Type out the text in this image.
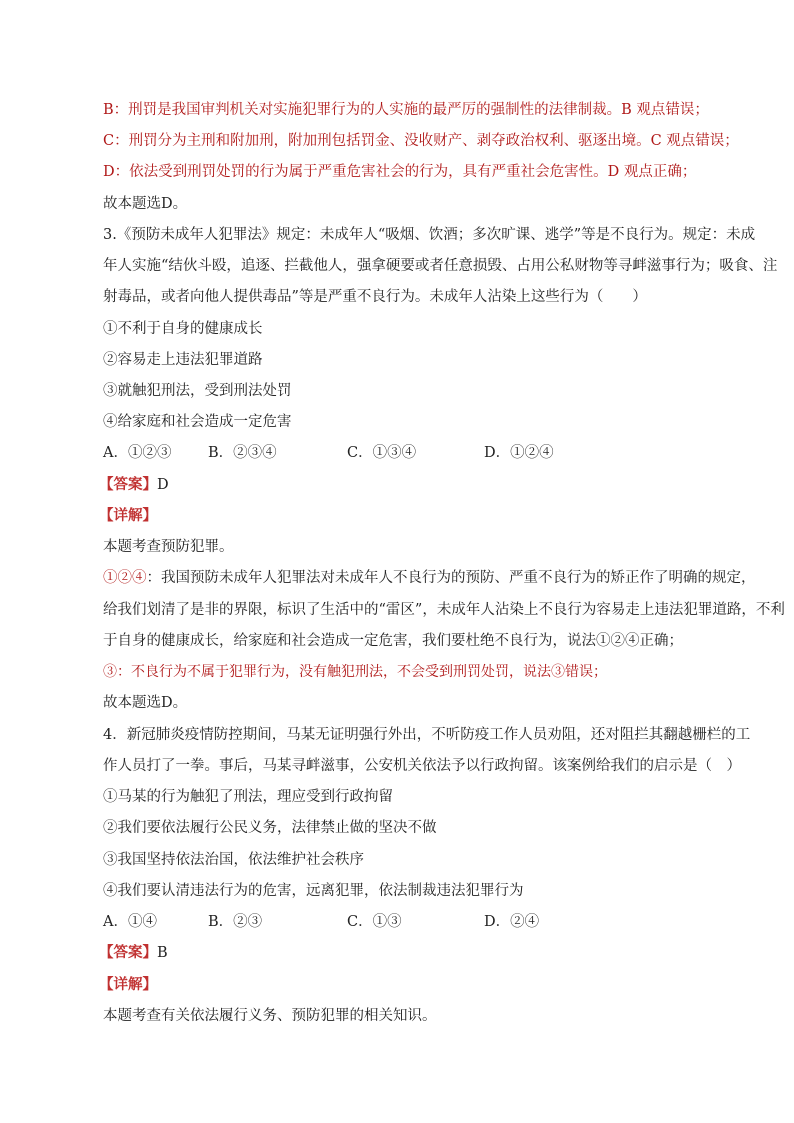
B：刑罚是我国审判机关对实施犯罪行为的人实施的最严厉的强制性的法律制裁。B 观点错误；
C：刑罚分为主刑和附加刑，附加刑包括罚金、没收财产、剥夺政治权利、驱逐出境。C 观点错误；
D：依法受到刑罚处罚的行为属于严重危害社会的行为，具有严重社会危害性。D 观点正确；
故本题选D。
3.《预防未成年人犯罪法》规定：未成年人“吸烟、饮酒；多次旷课、逃学”等是不良行为。规定：未成
年人实施“结伙斗殴，追逐、拦截他人，强拿硬要或者任意损毁、占用公私财物等寻衅滋事行为；吸食、注
射毒品，或者向他人提供毒品”等是严重不良行为。未成年人沾染上这些行为（　　）
①不利于自身的健康成长
②容易走上违法犯罪道路
③就触犯刑法，受到刑法处罚
④给家庭和社会造成一定危害
A．①②③	B．②③④	C．①③④	D．①②④
【答案】D
【详解】
本题考查预防犯罪。
①②④：我国预防未成年人犯罪法对未成年人不良行为的预防、严重不良行为的矫正作了明确的规定，
给我们划清了是非的界限，标识了生活中的“雷区”，未成年人沾染上不良行为容易走上违法犯罪道路，不利
于自身的健康成长，给家庭和社会造成一定危害，我们要杜绝不良行为，说法①②④正确；
③：不良行为不属于犯罪行为，没有触犯刑法，不会受到刑罚处罚，说法③错误；
故本题选D。
4．新冠肺炎疫情防控期间，马某无证明强行外出，不听防疫工作人员劝阻，还对阻拦其翻越栅栏的工
作人员打了一拳。事后，马某寻衅滋事，公安机关依法予以行政拘留。该案例给我们的启示是（　）
①马某的行为触犯了刑法，理应受到行政拘留
②我们要依法履行公民义务，法律禁止做的坚决不做
③我国坚持依法治国，依法维护社会秩序
④我们要认清违法行为的危害，远离犯罪，依法制裁违法犯罪行为
A．①④	B．②③	C．①③	D．②④
【答案】B
【详解】
本题考查有关依法履行义务、预防犯罪的相关知识。
